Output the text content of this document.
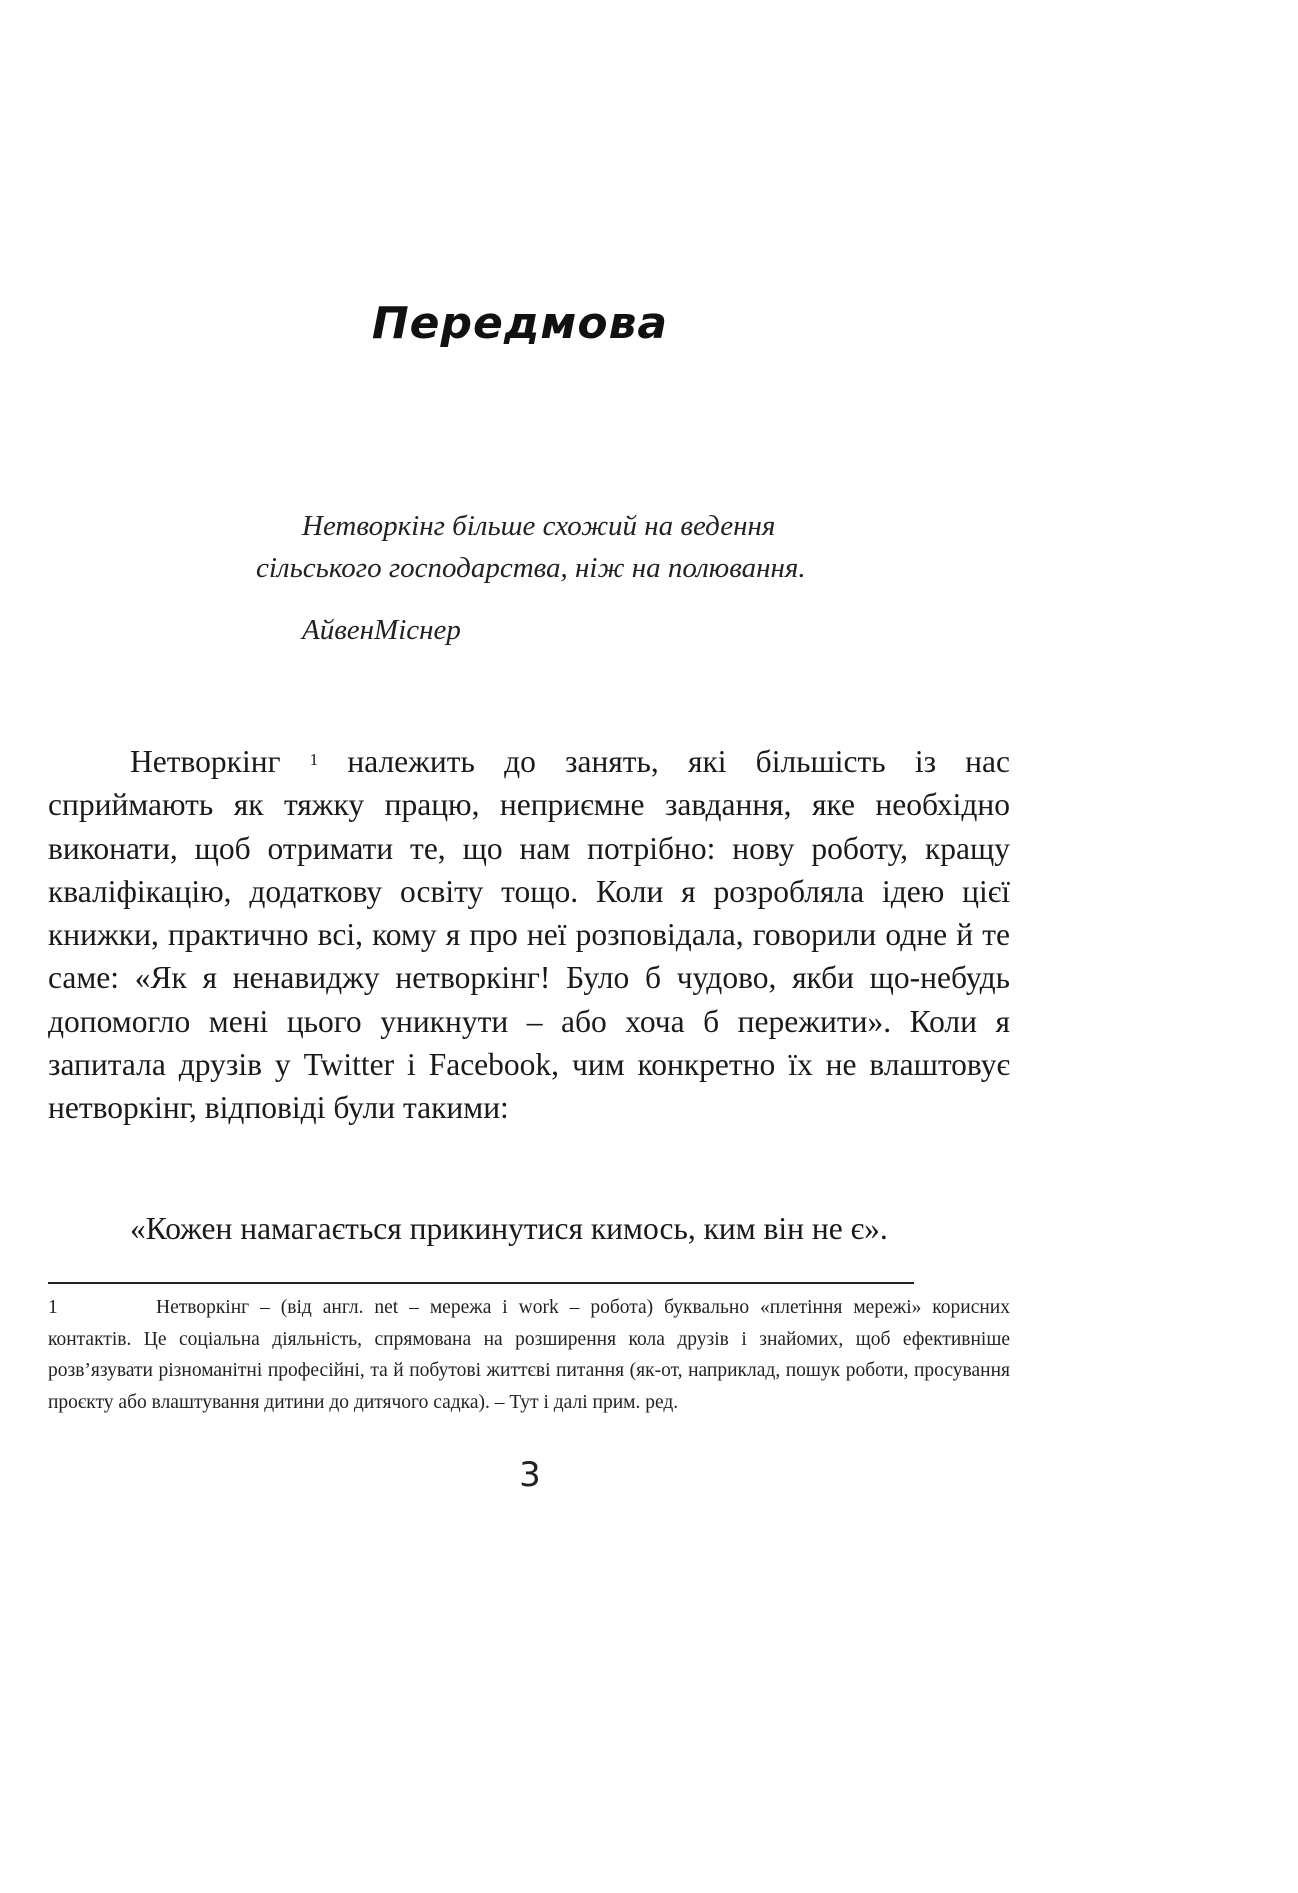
Передмова
Нетворкінг більше схожий на ведення
сільського господарства, ніж на полювання.
АйвенМіснер

Нетворкінг $^1$ належить до занять, які більшість із нас сприймають як тяжку працю, неприємне завдання, яке необхідно виконати, щоб отримати те, що нам потрібно: нову роботу, кращу кваліфікацію, додаткову освіту тощо. Коли я розробляла ідею цієї книжки, практично всі, кому я про неї розповідала, говорили одне й те саме: «Як я ненавиджу нетворкінг! Було б чудово, якби що-небудь допомогло мені цього уникнути – або хоча б пережити». Коли я запитала друзів у Twitter і Facebook, чим конкретно їх не влаштовує нетворкінг, відповіді були такими:

«Кожен намагається прикинутися кимось, ким він не є».

1	Нетворкінг – (від англ. net – мережа і work – робота) буквально «плетіння мережі» корисних контактів. Це соціальна діяльність, спрямована на розширення кола друзів і знайомих, щоб ефективніше розв’язувати різноманітні професійні, та й побутові життєві питання (як-от, наприклад, пошук роботи, просування проєкту або влаштування дитини до дитячого садка). – Тут і далі прим. ред.

3
